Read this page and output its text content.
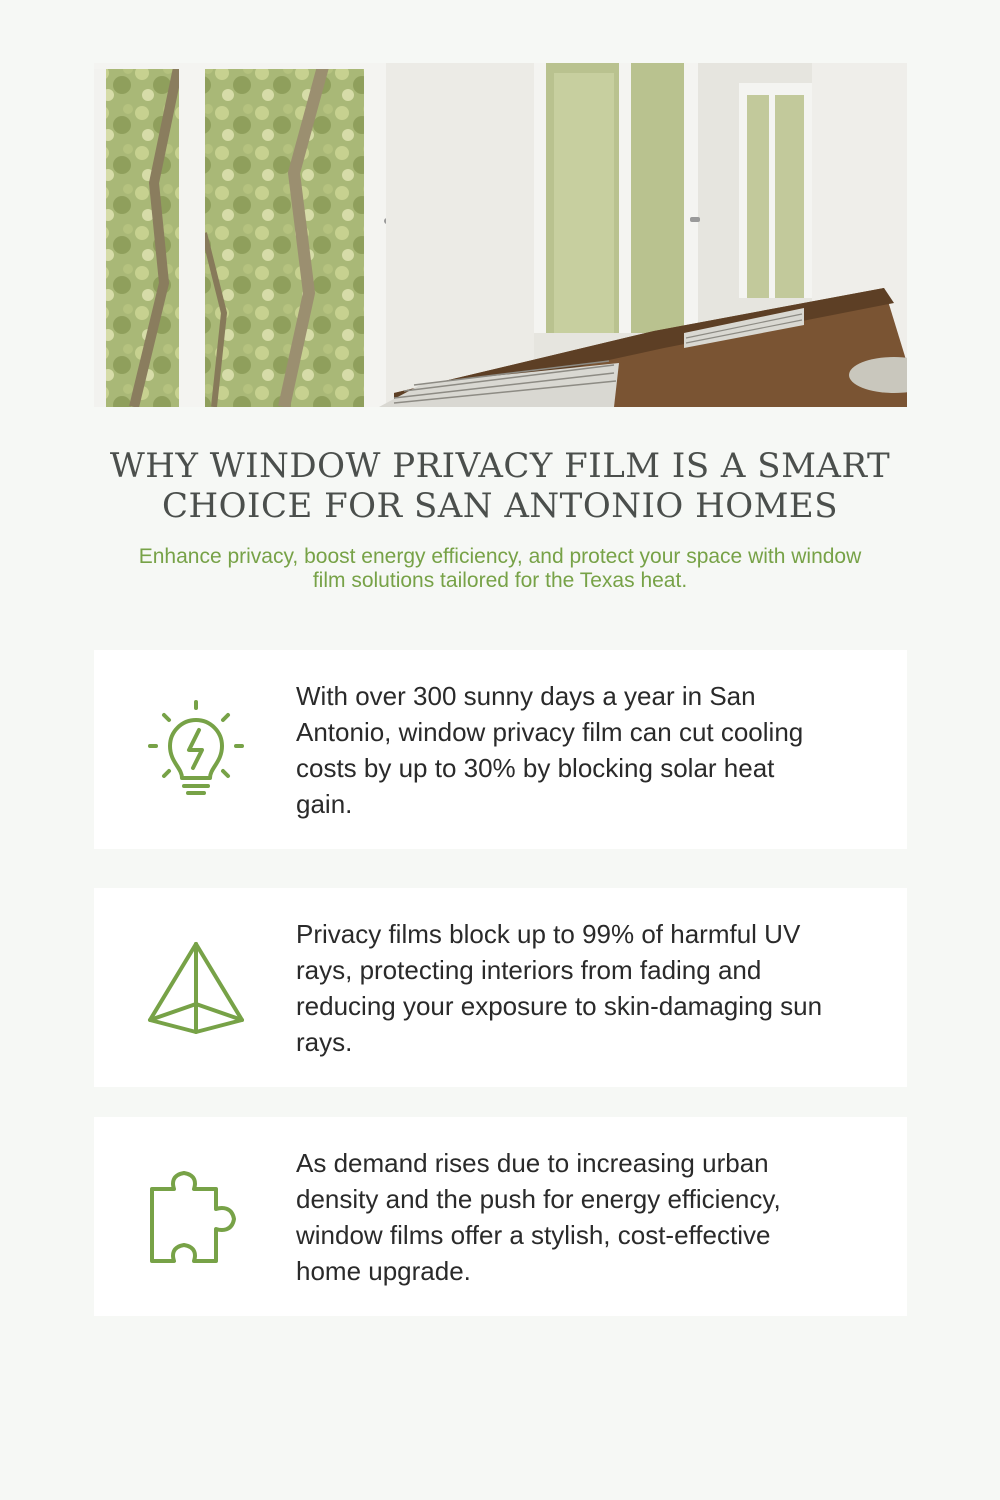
WHY WINDOW PRIVACY FILM IS A SMART CHOICE FOR SAN ANTONIO HOMES

Enhance privacy, boost energy efficiency, and protect your space with window film solutions tailored for the Texas heat.

With over 300 sunny days a year in San Antonio, window privacy film can cut cooling costs by up to 30% by blocking solar heat gain.

Privacy films block up to 99% of harmful UV rays, protecting interiors from fading and reducing your exposure to skin-damaging sun rays.

As demand rises due to increasing urban density and the push for energy efficiency, window films offer a stylish, cost-effective home upgrade.
